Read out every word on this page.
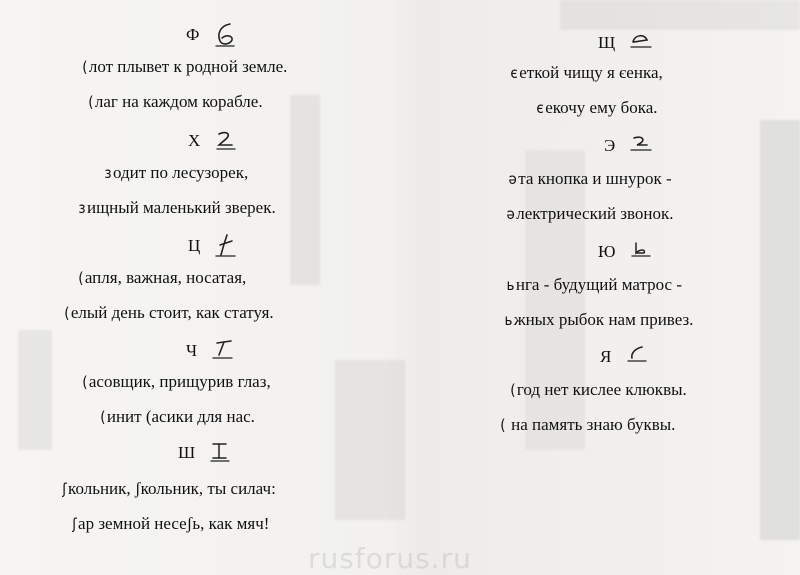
Ф
(лот плывет к родной земле.
(лаг на каждом корабле.
Х
зодит по лесузорек,
зищный маленький зверек.
Ц
(апля, важная, носатая,
(елый день стоит, как статуя.
Ч
(асовщик, прищурив глаз,
(инит (асики для нас.
Ш
ʃкольник, ʃкольник, ты силач:
ʃар земной несеʃь, как мяч!
Щ
єеткой чищу я єенка,
єекочу ему бока.
Э
əта кнопка и шнурок -
əлектрический звонок.
Ю
ьнга - будущий матрос -
ьжных рыбок нам привез.
Я
(год нет кислее клюквы.
( на память знаю буквы.
rusforus.ru
